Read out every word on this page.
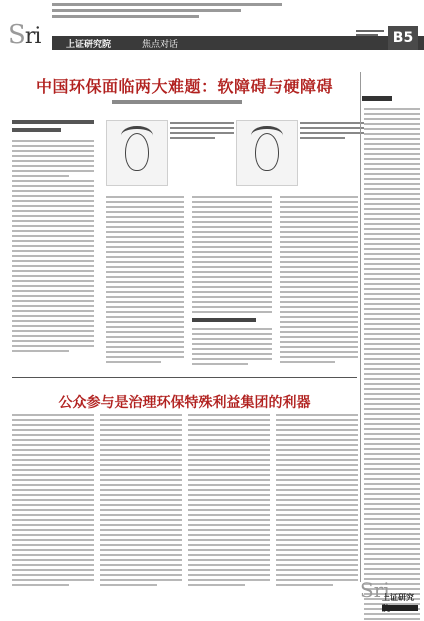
Sri	上证研究院	焦点对话	B5
中国环保面临两大难题：软障碍与硬障碍
公众参与是治理环保特殊利益集团的利器
Sri
上证研究
